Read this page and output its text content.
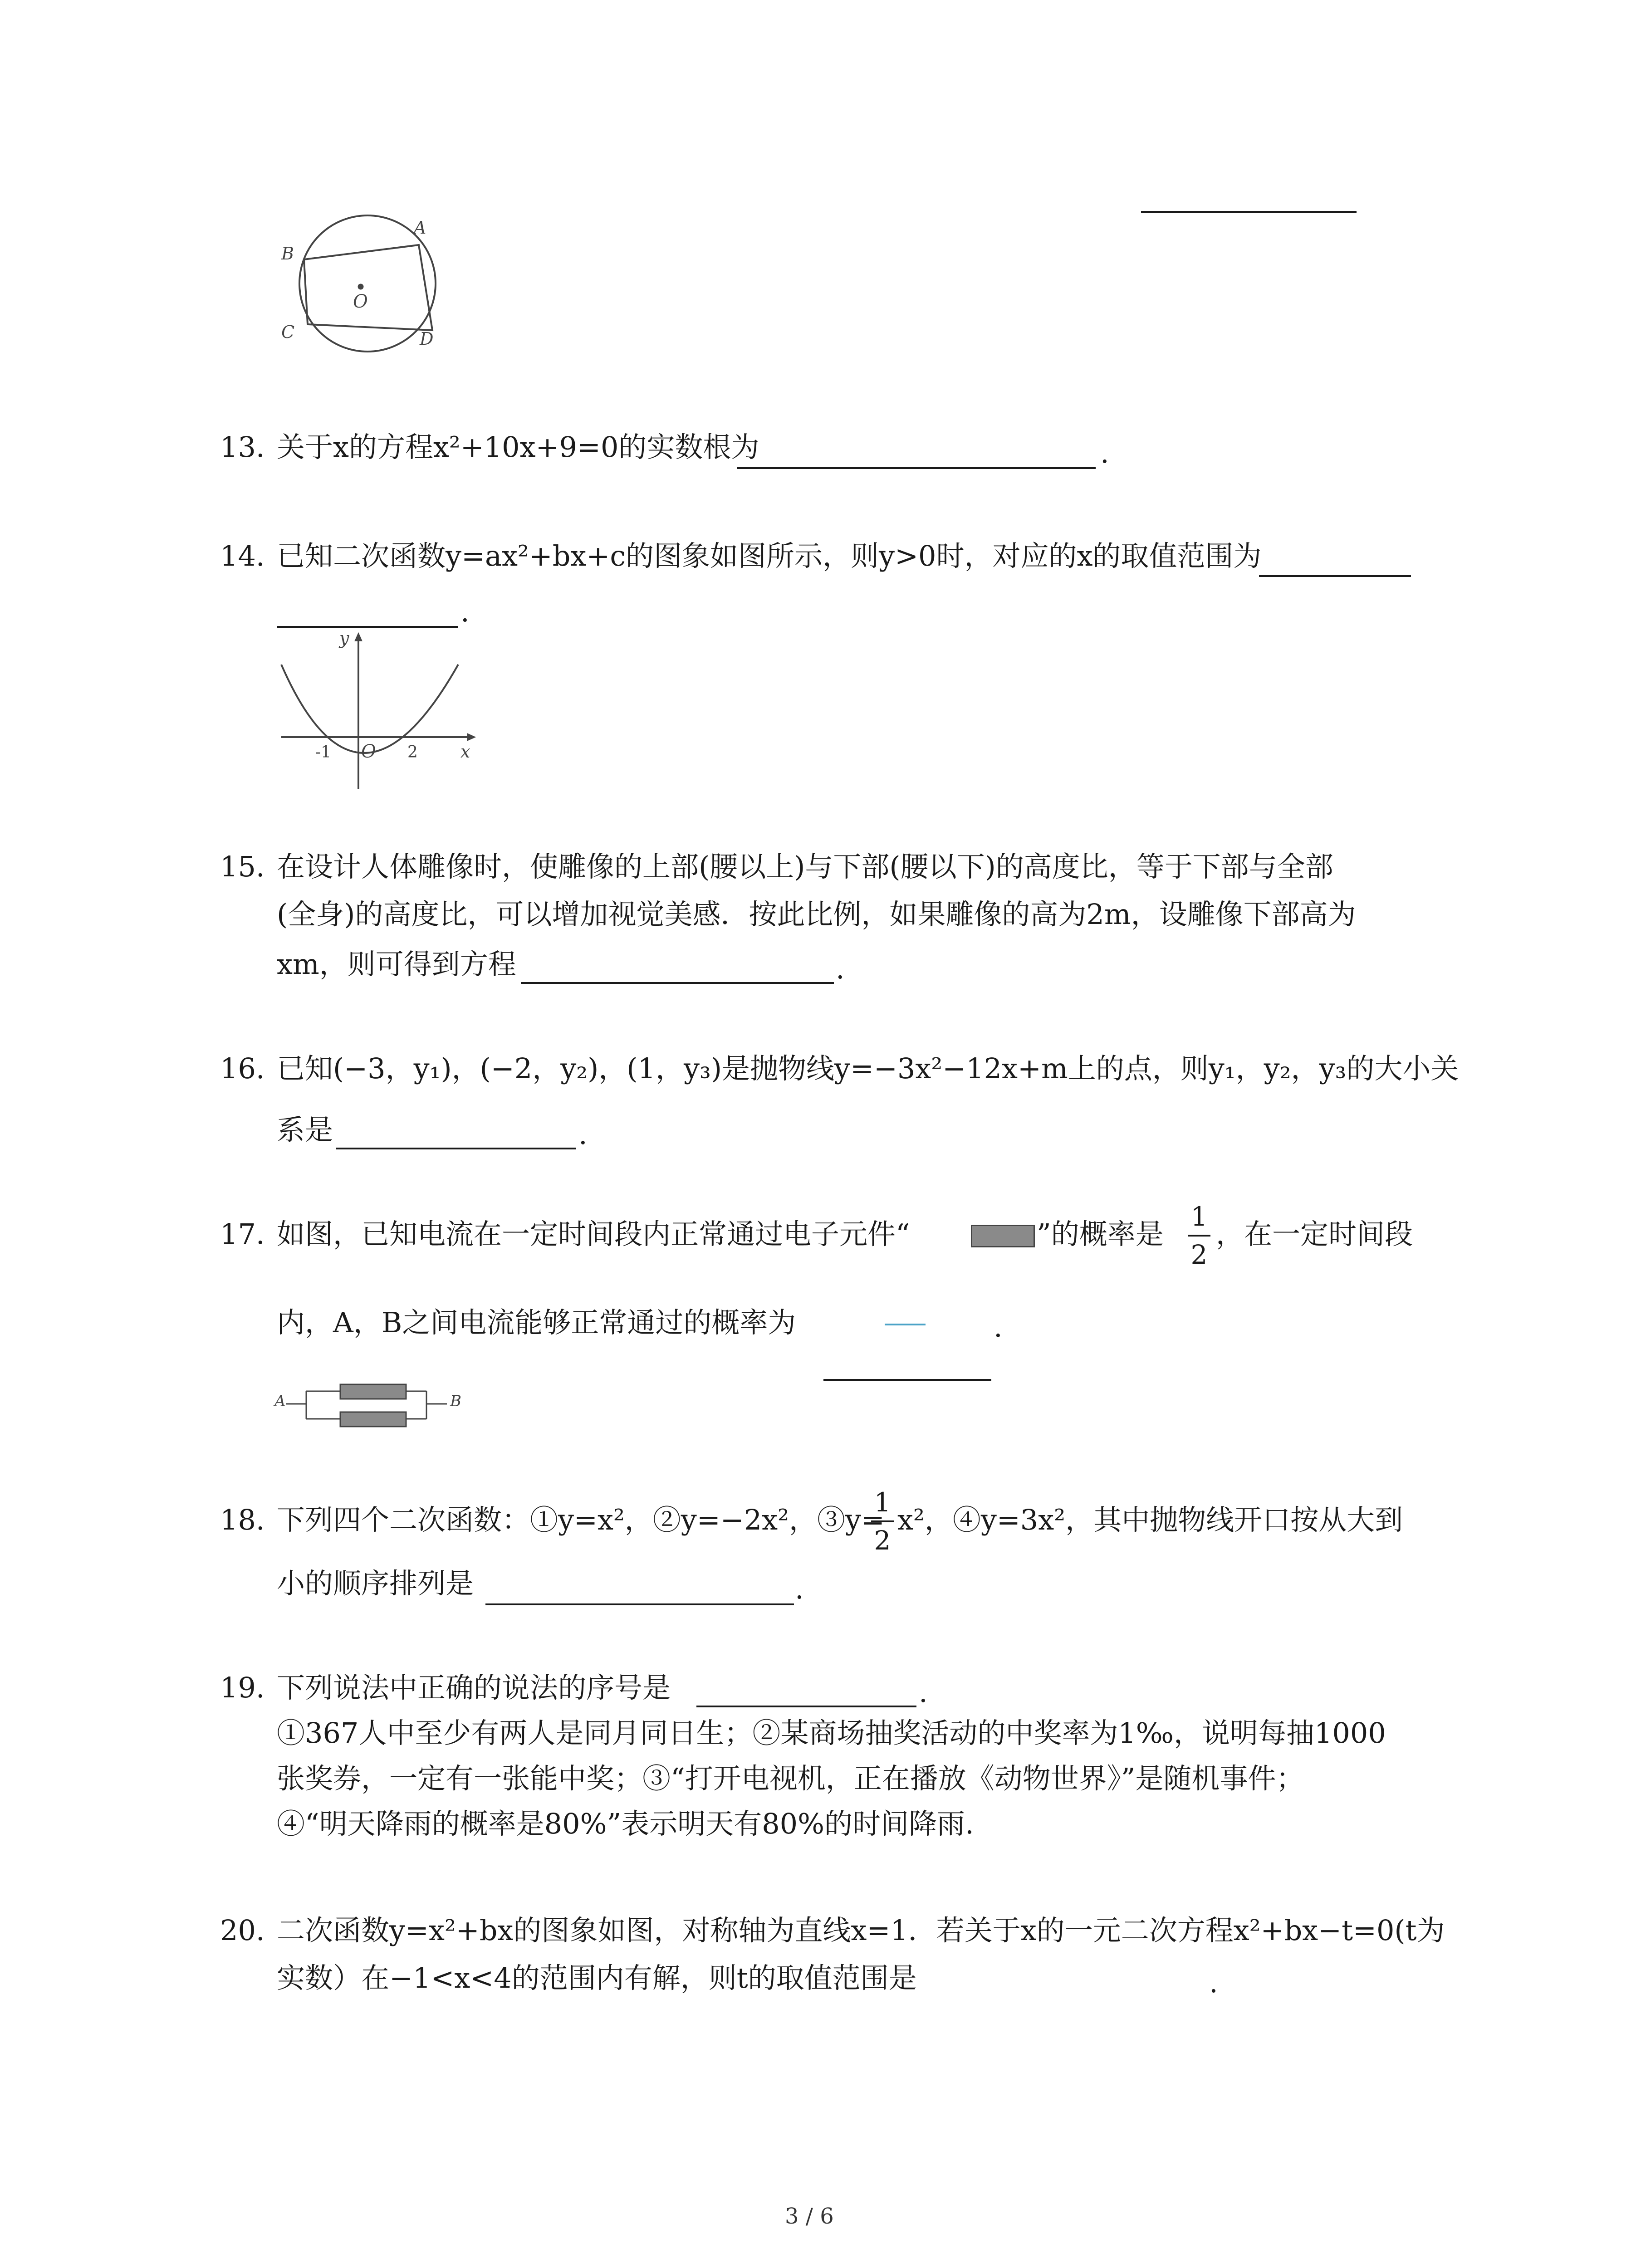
B
A
O
C	D
13. 关于x的方程x²+10x+9=0的实数根为	.
14. 已知二次函数y=ax²+bx+c的图象如图所示，则y>0时，对应的x的取值范围为
.
y
x
O
-1	2
15. 在设计人体雕像时，使雕像的上部(腰以上)与下部(腰以下)的高度比，等于下部与全部
(全身)的高度比，可以增加视觉美感．按此比例，如果雕像的高为2m，设雕像下部高为
xm，则可得到方程	.
16. 已知(−3，y₁)，(−2，y₂)，(1，y₃)是抛物线y=−3x²−12x+m上的点，则y₁，y₂，y₃的大小关
系是	.
17. 如图，已知电流在一定时间段内正常通过电子元件“	”的概率是
1
2
，在一定时间段
内，A，B之间电流能够正常通过的概率为	.
A	B
18. 下列四个二次函数：①y=x²，②y=−2x²，③y=
1
2
x²，④y=3x²，其中抛物线开口按从大到
小的顺序排列是	.
19. 下列说法中正确的说法的序号是	.
①367人中至少有两人是同月同日生；②某商场抽奖活动的中奖率为1‰，说明每抽1000
张奖券，一定有一张能中奖；③“打开电视机，正在播放《动物世界》”是随机事件；
④“明天降雨的概率是80%”表示明天有80%的时间降雨.
20. 二次函数y=x²+bx的图象如图，对称轴为直线x=1．若关于x的一元二次方程x²+bx−t=0(t为
实数）在−1<x<4的范围内有解，则t的取值范围是	.
3 / 6
